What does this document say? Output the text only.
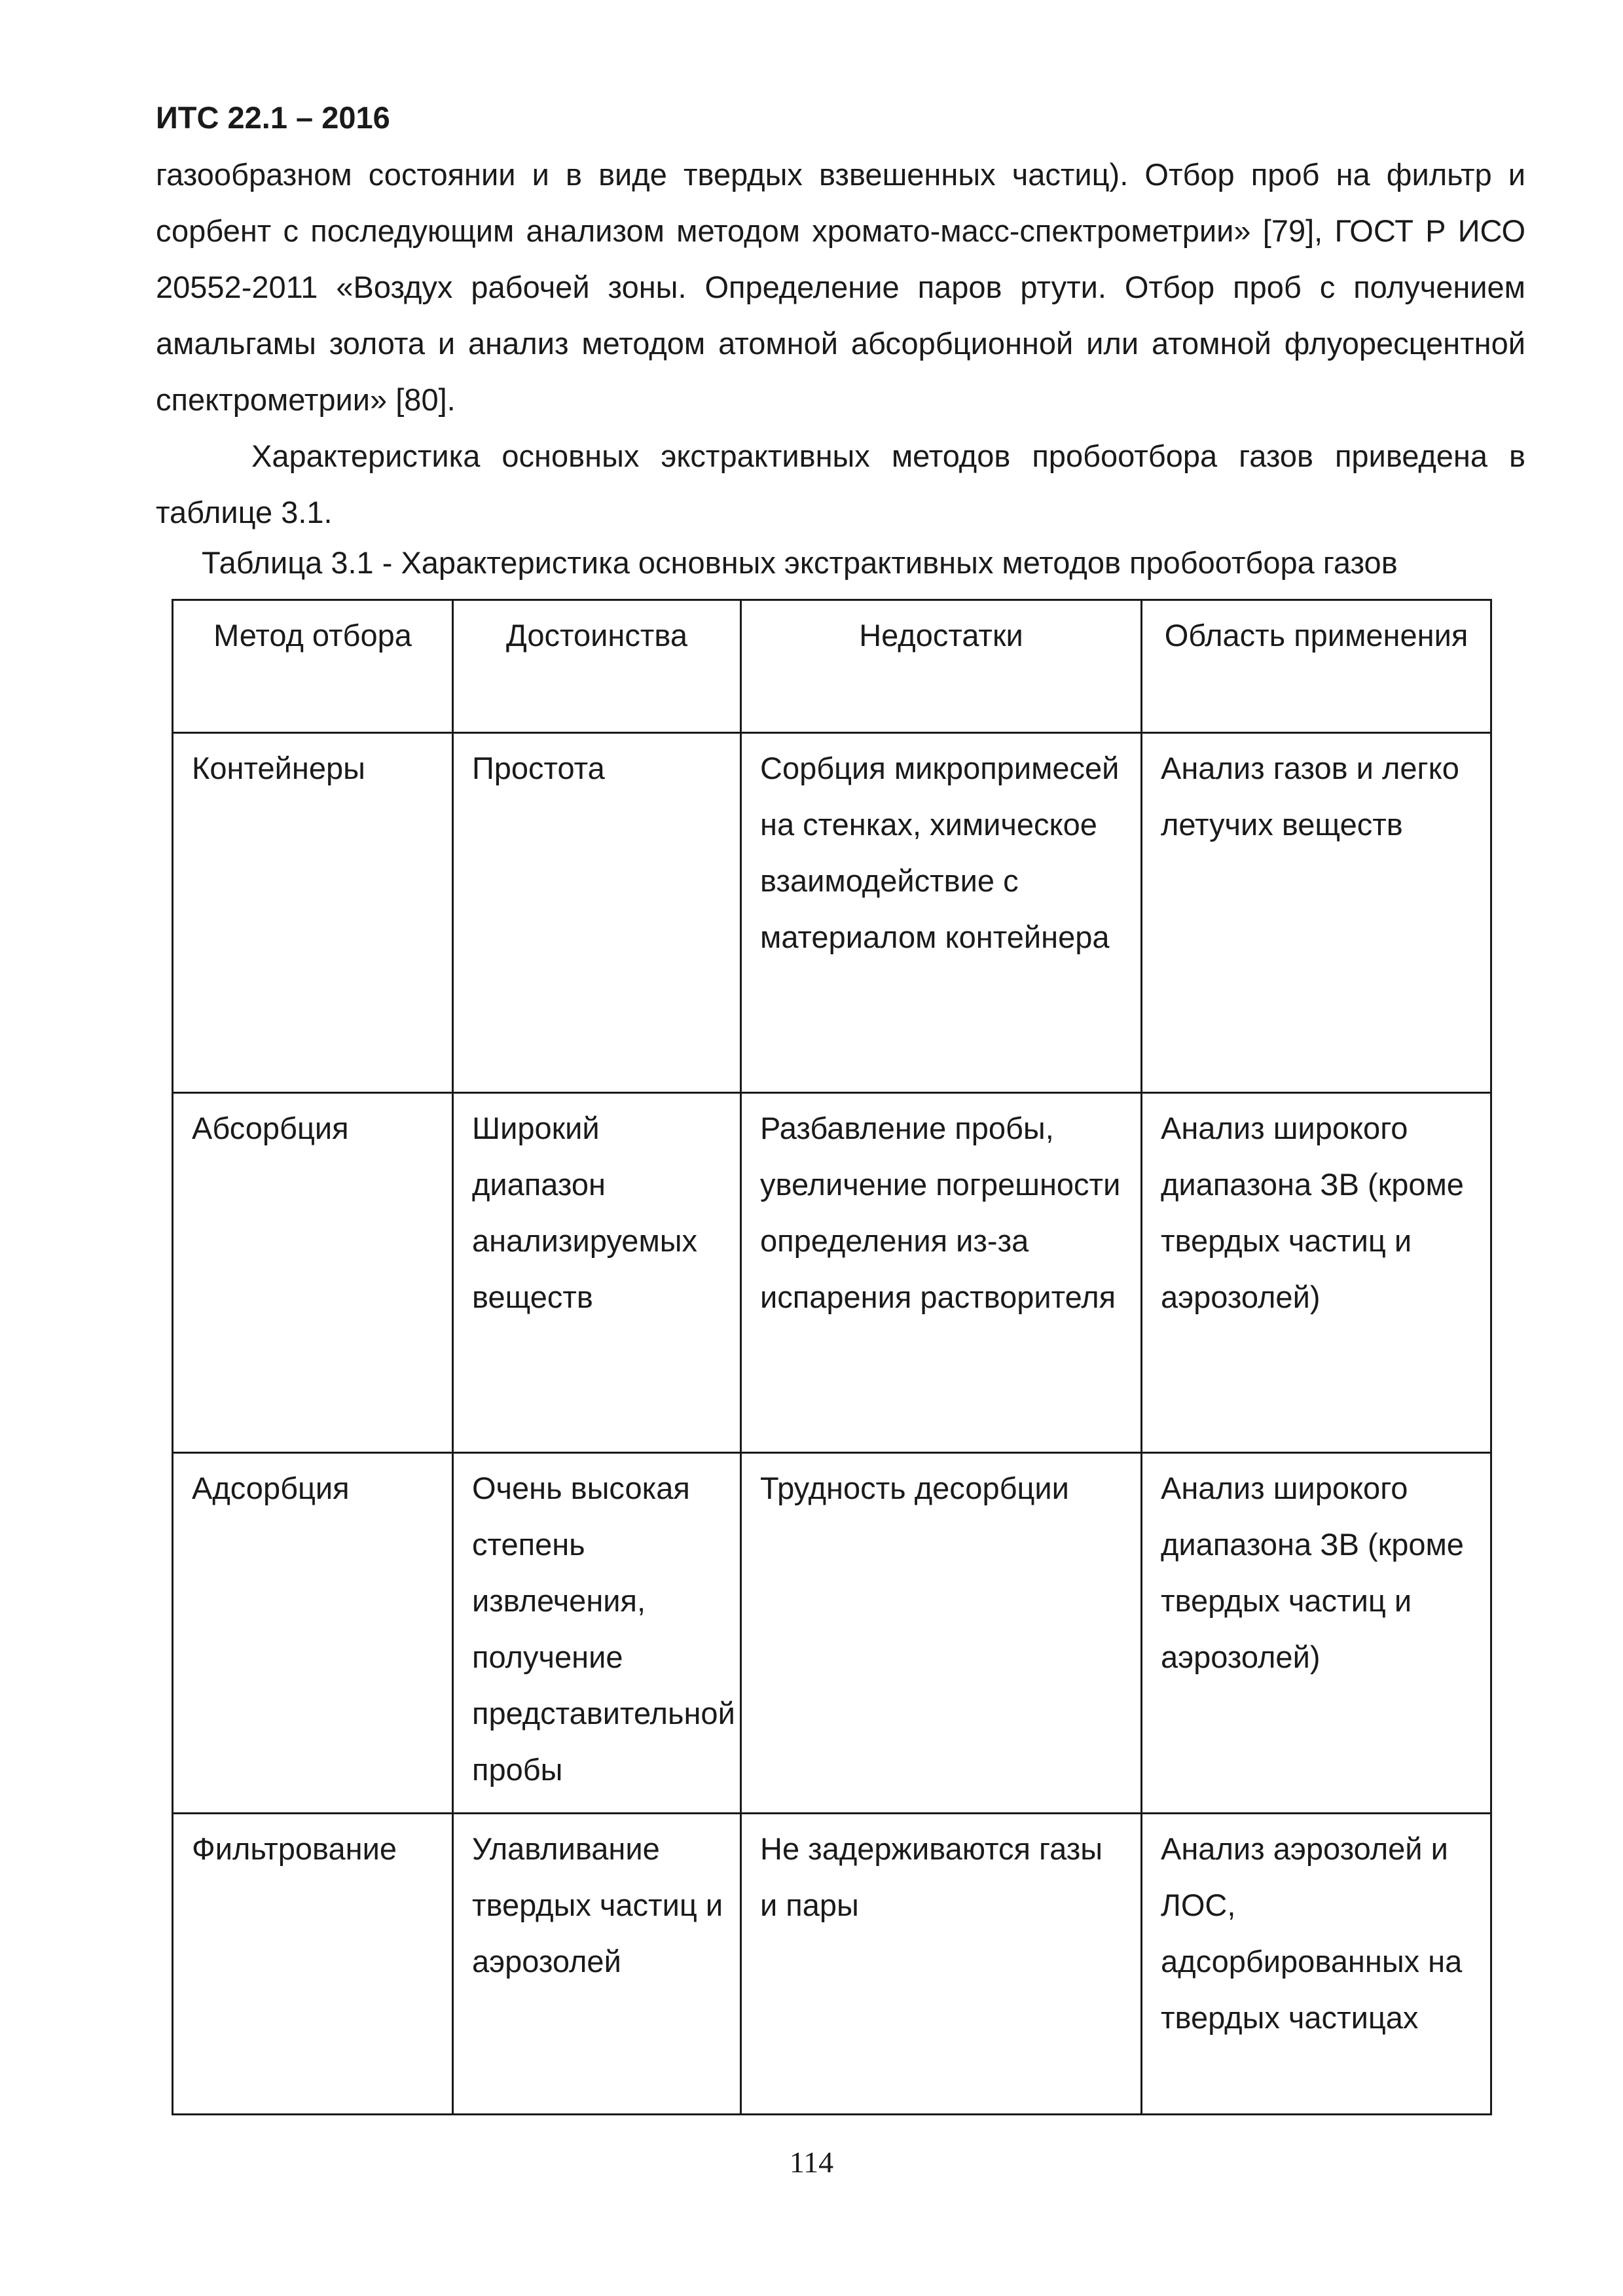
ИТС 22.1 – 2016

газообразном состоянии и в виде твердых взвешенных частиц). Отбор проб на фильтр и сорбент с последующим анализом методом хромато-масс-спектрометрии» [79], ГОСТ Р ИСО 20552-2011 «Воздух рабочей зоны. Определение паров ртути. Отбор проб с получением амальгамы золота и анализ методом атомной абсорбционной или атомной флуоресцентной спектрометрии» [80].

Характеристика основных экстрактивных методов пробоотбора газов приведена в таблице 3.1.

Таблица 3.1 - Характеристика основных экстрактивных методов пробоотбора газов
Метод отбора	Достоинства	Недостатки	Область применения
Контейнеры	Простота	Сорбция микропримесей на стенках, химическое взаимодействие с материалом контейнера	Анализ газов и легко летучих веществ
Абсорбция	Широкий диапазон анализируемых веществ	Разбавление пробы, увеличение погрешности определения из-за испарения растворителя	Анализ широкого диапазона ЗВ (кроме твердых частиц и аэрозолей)
Адсорбция	Очень высокая степень извлечения, получение представительной пробы	Трудность десорбции	Анализ широкого диапазона ЗВ (кроме твердых частиц и аэрозолей)
Фильтрование	Улавливание твердых частиц и аэрозолей	Не задерживаются газы и пары	Анализ аэрозолей и ЛОС, адсорбированных на твердых частицах
114
